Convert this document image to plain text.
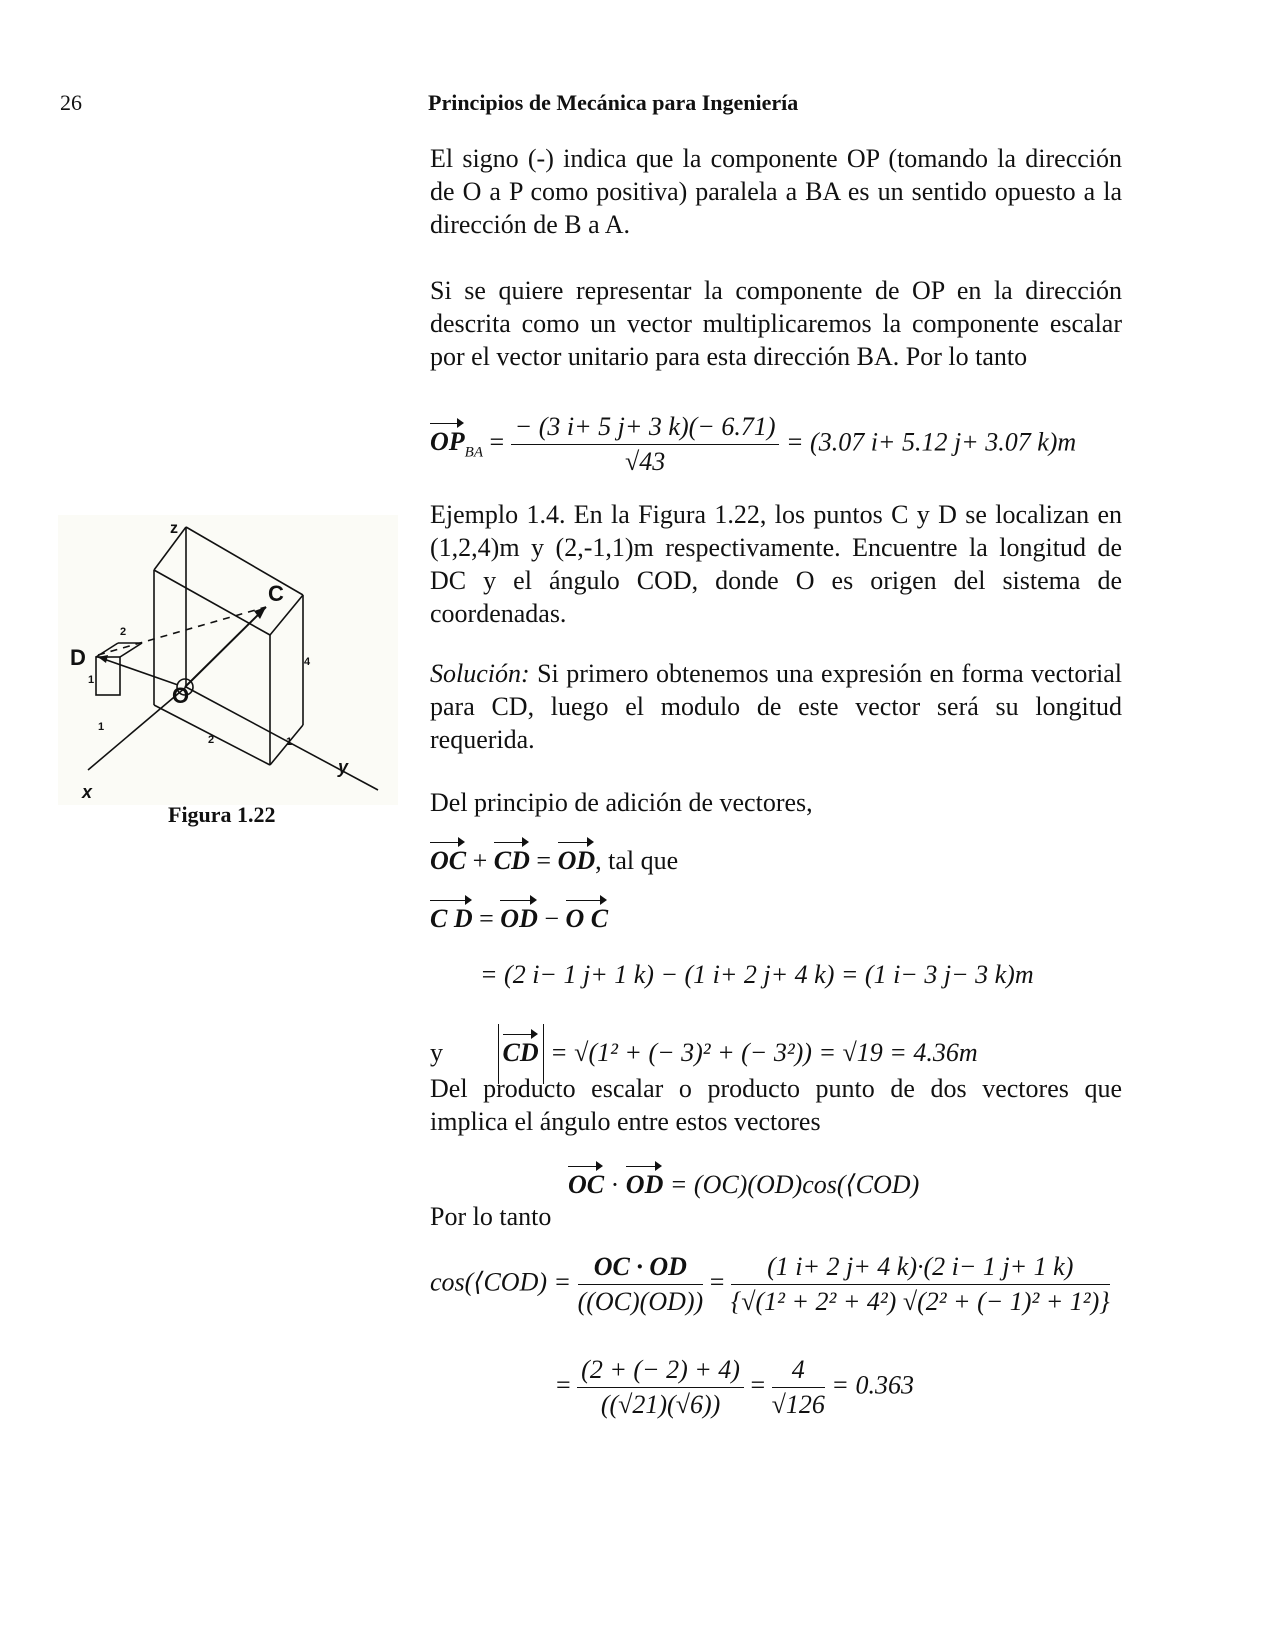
26	Principios de Mecánica para Ingeniería

El signo (-) indica que la componente OP (tomando la dirección de O a P como positiva) paralela a BA es un sentido opuesto a la dirección de B a A.

Si se quiere representar la componente de OP en la dirección descrita como un vector multiplicaremos la componente escalar por el vector unitario para esta dirección BA. Por lo tanto

$OP_{BA} = \frac{- (3 i+ 5 j+ 3 k)(- 6.71)}{√43} = (3.07$ i+ 5.12 j+ 3.07 k)m
z
x
y
C
D
O
2
4
2
1
1
1
Figura 1.22

Ejemplo 1.4. En la Figura 1.22, los puntos C y D se localizan en (1,2,4)m y (2,-1,1)m respectivamente. Encuentre la longitud de DC y el ángulo COD, donde O es origen del sistema de coordenadas.

Solución: Si primero obtenemos una expresión en forma vectorial para CD, luego el modulo de este vector será su longitud requerida.

Del principio de adición de vectores,

OC + CD = OD, tal que
C D = OD − O C
= (2 i− 1 j+ 1 k) − (1 i+ 2 j+ 4 k) = (1 i− 3 j− 3 k)m
y CD = √(1² + (− 3)² + (− 3²)) = √19 = 4.36m

Del producto escalar o producto punto de dos vectores que implica el ángulo entre estos vectores

OC · OD = (OC)(OD)cos(⟨COD)

Por lo tanto

cos(⟨COD) = $\frac{OC \cdot OD}{((OC)(OD))} = \frac{(1 i+ 2 j+ 4 k)\cdot(2 i- 1 j+ 1 k)}{\text{\{√(1² + 2² + 4²) √(2² + (− 1)² + 1²)\}}}$
= $\frac{(2 + (- 2) + 4)}{((√21)(√6))} = \frac{4}{√126} = 0.363$
